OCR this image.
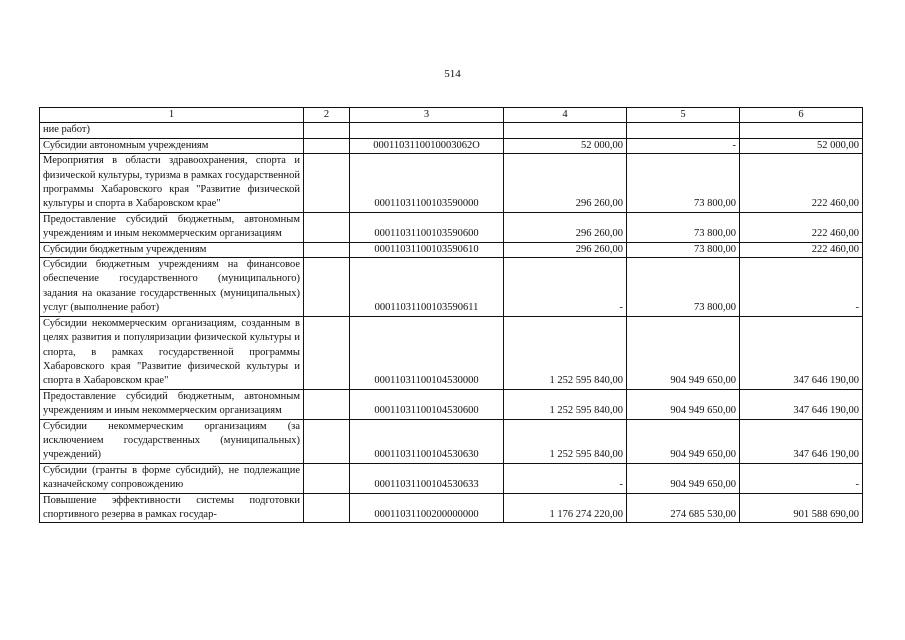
514
1	2	3	4	5	6
ние работ)					
Субсидии автономным учреждениям		0001103110010003062О	52 000,00	-	52 000,00
Мероприятия в области здравоохранения, спорта и физической культуры, туризма в рамках государственной программы Хабаровского края "Развитие физической культуры и спорта в Хабаровском крае"		00011031100103590000	296 260,00	73 800,00	222 460,00
Предоставление субсидий бюджетным, автономным учреждениям и иным некоммерческим организациям		00011031100103590600	296 260,00	73 800,00	222 460,00
Субсидии бюджетным учреждениям		00011031100103590610	296 260,00	73 800,00	222 460,00
Субсидии бюджетным учреждениям на финансовое обеспечение государственного (муниципального) задания на оказание государственных (муниципальных) услуг (выполнение работ)		00011031100103590611	-	73 800,00	-
Субсидии некоммерческим организациям, созданным в целях развития и популяризации физической культуры и спорта, в рамках государственной программы Хабаровского края "Развитие физической культуры и спорта в Хабаровском крае"		00011031100104530000	1 252 595 840,00	904 949 650,00	347 646 190,00
Предоставление субсидий бюджетным, автономным учреждениям и иным некоммерческим организациям		00011031100104530600	1 252 595 840,00	904 949 650,00	347 646 190,00
Субсидии некоммерческим организациям (за исключением государственных (муниципальных) учреждений)		00011031100104530630	1 252 595 840,00	904 949 650,00	347 646 190,00
Субсидии (гранты в форме субсидий), не подлежащие казначейскому сопровождению		00011031100104530633	-	904 949 650,00	-
Повышение эффективности системы подготовки спортивного резерва в рамках государ-		00011031100200000000	1 176 274 220,00	274 685 530,00	901 588 690,00
